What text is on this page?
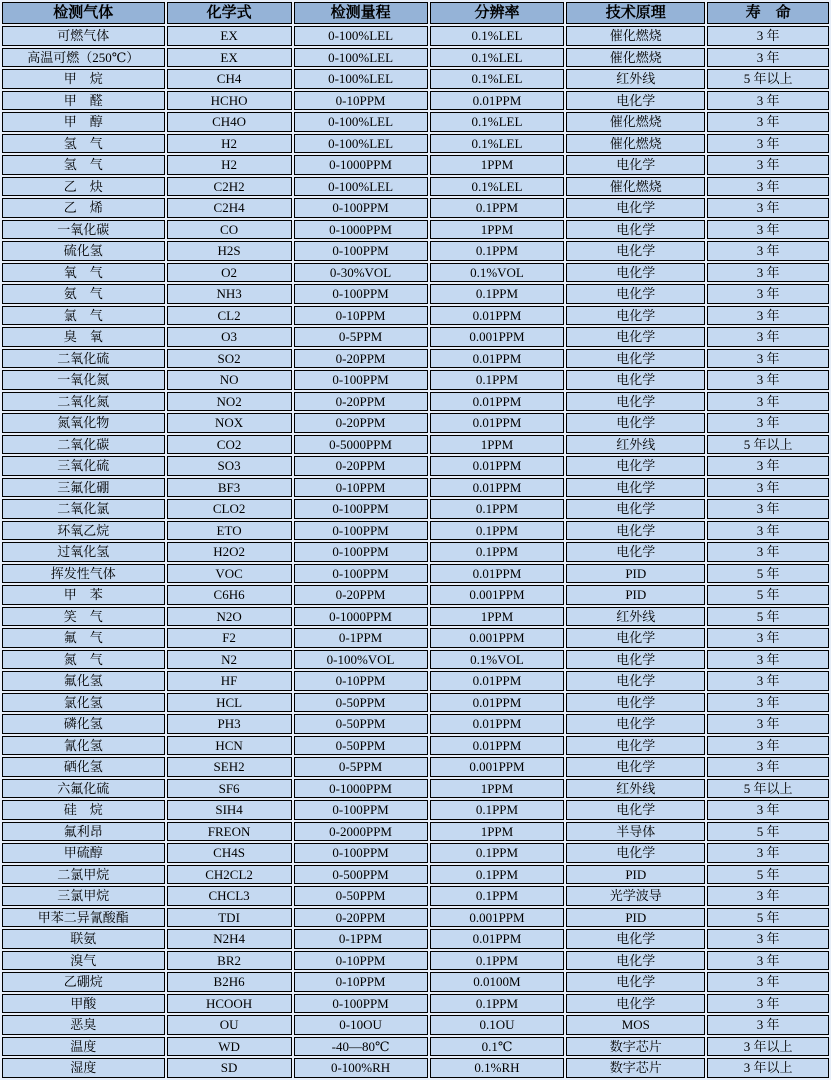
检测气体	化学式	检测量程	分辨率	技术原理	寿　命
可燃气体	EX	0-100%LEL	0.1%LEL	催化燃烧	3 年
高温可燃（250℃）	EX	0-100%LEL	0.1%LEL	催化燃烧	3 年
甲　烷	CH4	0-100%LEL	0.1%LEL	红外线	5 年以上
甲　醛	HCHO	0-10PPM	0.01PPM	电化学	3 年
甲　醇	CH4O	0-100%LEL	0.1%LEL	催化燃烧	3 年
氢　气	H2	0-100%LEL	0.1%LEL	催化燃烧	3 年
氢　气	H2	0-1000PPM	1PPM	电化学	3 年
乙　炔	C2H2	0-100%LEL	0.1%LEL	催化燃烧	3 年
乙　烯	C2H4	0-100PPM	0.1PPM	电化学	3 年
一氧化碳	CO	0-1000PPM	1PPM	电化学	3 年
硫化氢	H2S	0-100PPM	0.1PPM	电化学	3 年
氧　气	O2	0-30%VOL	0.1%VOL	电化学	3 年
氨　气	NH3	0-100PPM	0.1PPM	电化学	3 年
氯　气	CL2	0-10PPM	0.01PPM	电化学	3 年
臭　氧	O3	0-5PPM	0.001PPM	电化学	3 年
二氧化硫	SO2	0-20PPM	0.01PPM	电化学	3 年
一氧化氮	NO	0-100PPM	0.1PPM	电化学	3 年
二氧化氮	NO2	0-20PPM	0.01PPM	电化学	3 年
氮氧化物	NOX	0-20PPM	0.01PPM	电化学	3 年
二氧化碳	CO2	0-5000PPM	1PPM	红外线	5 年以上
三氧化硫	SO3	0-20PPM	0.01PPM	电化学	3 年
三氟化硼	BF3	0-10PPM	0.01PPM	电化学	3 年
二氧化氯	CLO2	0-100PPM	0.1PPM	电化学	3 年
环氧乙烷	ETO	0-100PPM	0.1PPM	电化学	3 年
过氧化氢	H2O2	0-100PPM	0.1PPM	电化学	3 年
挥发性气体	VOC	0-100PPM	0.01PPM	PID	5 年
甲　苯	C6H6	0-20PPM	0.001PPM	PID	5 年
笑　气	N2O	0-1000PPM	1PPM	红外线	5 年
氟　气	F2	0-1PPM	0.001PPM	电化学	3 年
氮　气	N2	0-100%VOL	0.1%VOL	电化学	3 年
氟化氢	HF	0-10PPM	0.01PPM	电化学	3 年
氯化氢	HCL	0-50PPM	0.01PPM	电化学	3 年
磷化氢	PH3	0-50PPM	0.01PPM	电化学	3 年
氰化氢	HCN	0-50PPM	0.01PPM	电化学	3 年
硒化氢	SEH2	0-5PPM	0.001PPM	电化学	3 年
六氟化硫	SF6	0-1000PPM	1PPM	红外线	5 年以上
硅　烷	SIH4	0-100PPM	0.1PPM	电化学	3 年
氟利昂	FREON	0-2000PPM	1PPM	半导体	5 年
甲硫醇	CH4S	0-100PPM	0.1PPM	电化学	3 年
二氯甲烷	CH2CL2	0-500PPM	0.1PPM	PID	5 年
三氯甲烷	CHCL3	0-50PPM	0.1PPM	光学波导	3 年
甲苯二异氰酸酯	TDI	0-20PPM	0.001PPM	PID	5 年
联氨	N2H4	0-1PPM	0.01PPM	电化学	3 年
溴气	BR2	0-10PPM	0.1PPM	电化学	3 年
乙硼烷	B2H6	0-10PPM	0.0100M	电化学	3 年
甲酸	HCOOH	0-100PPM	0.1PPM	电化学	3 年
恶臭	OU	0-10OU	0.1OU	MOS	3 年
温度	WD	-40—80℃	0.1℃	数字芯片	3 年以上
湿度	SD	0-100%RH	0.1%RH	数字芯片	3 年以上
